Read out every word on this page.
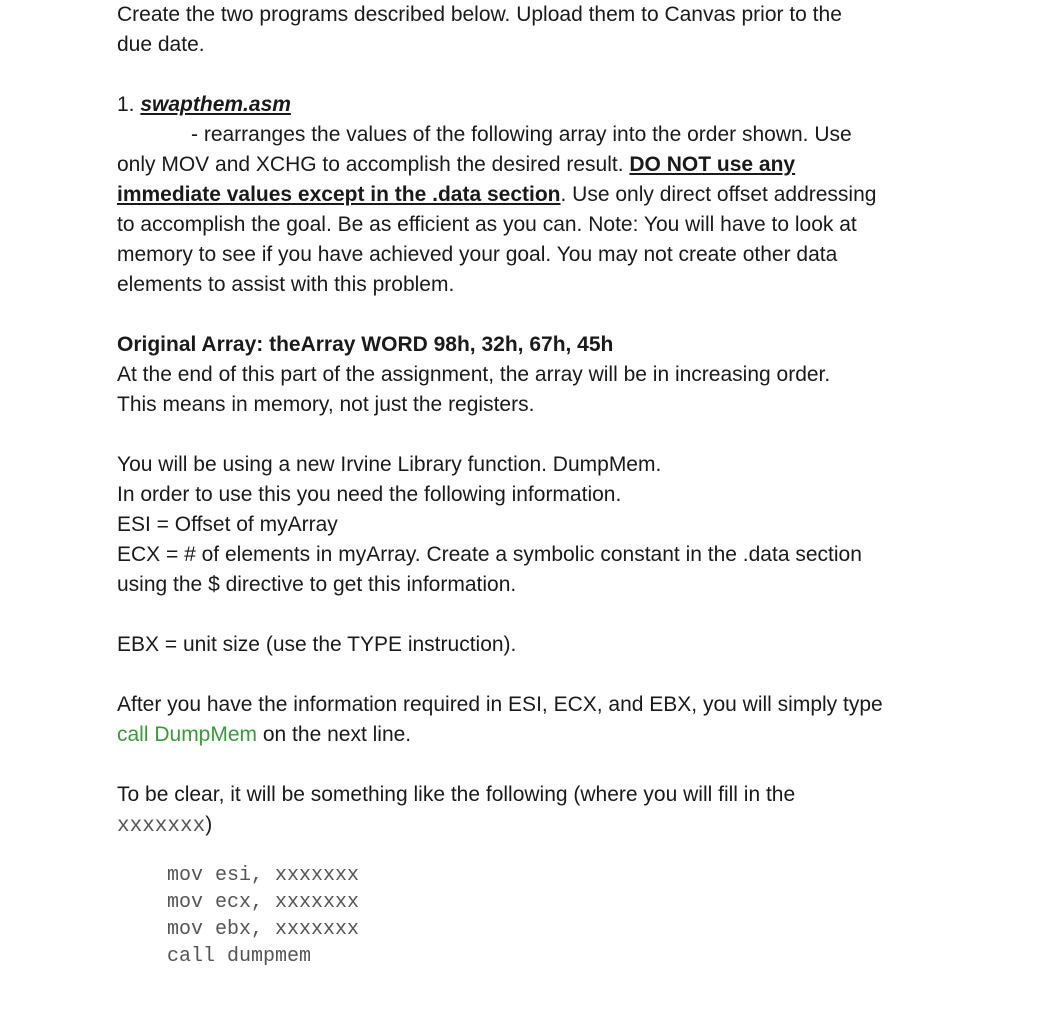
Create the two programs described below. Upload them to Canvas prior to the

due date.

1. swapthem.asm

- rearranges the values of the following array into the order shown. Use

only MOV and XCHG to accomplish the desired result. DO NOT use any

immediate values except in the .data section. Use only direct offset addressing

to accomplish the goal. Be as efficient as you can. Note: You will have to look at

memory to see if you have achieved your goal. You may not create other data

elements to assist with this problem.

Original Array: theArray WORD 98h, 32h, 67h, 45h

At the end of this part of the assignment, the array will be in increasing order.

This means in memory, not just the registers.

You will be using a new Irvine Library function. DumpMem.

In order to use this you need the following information.

ESI = Offset of myArray

ECX = # of elements in myArray. Create a symbolic constant in the .data section

using the $ directive to get this information.

EBX = unit size (use the TYPE instruction).

After you have the information required in ESI, ECX, and EBX, you will simply type

call DumpMem on the next line.

To be clear, it will be something like the following (where you will fill in the

xxxxxxx)

mov esi, xxxxxxx
mov ecx, xxxxxxx
mov ebx, xxxxxxx
call dumpmem
